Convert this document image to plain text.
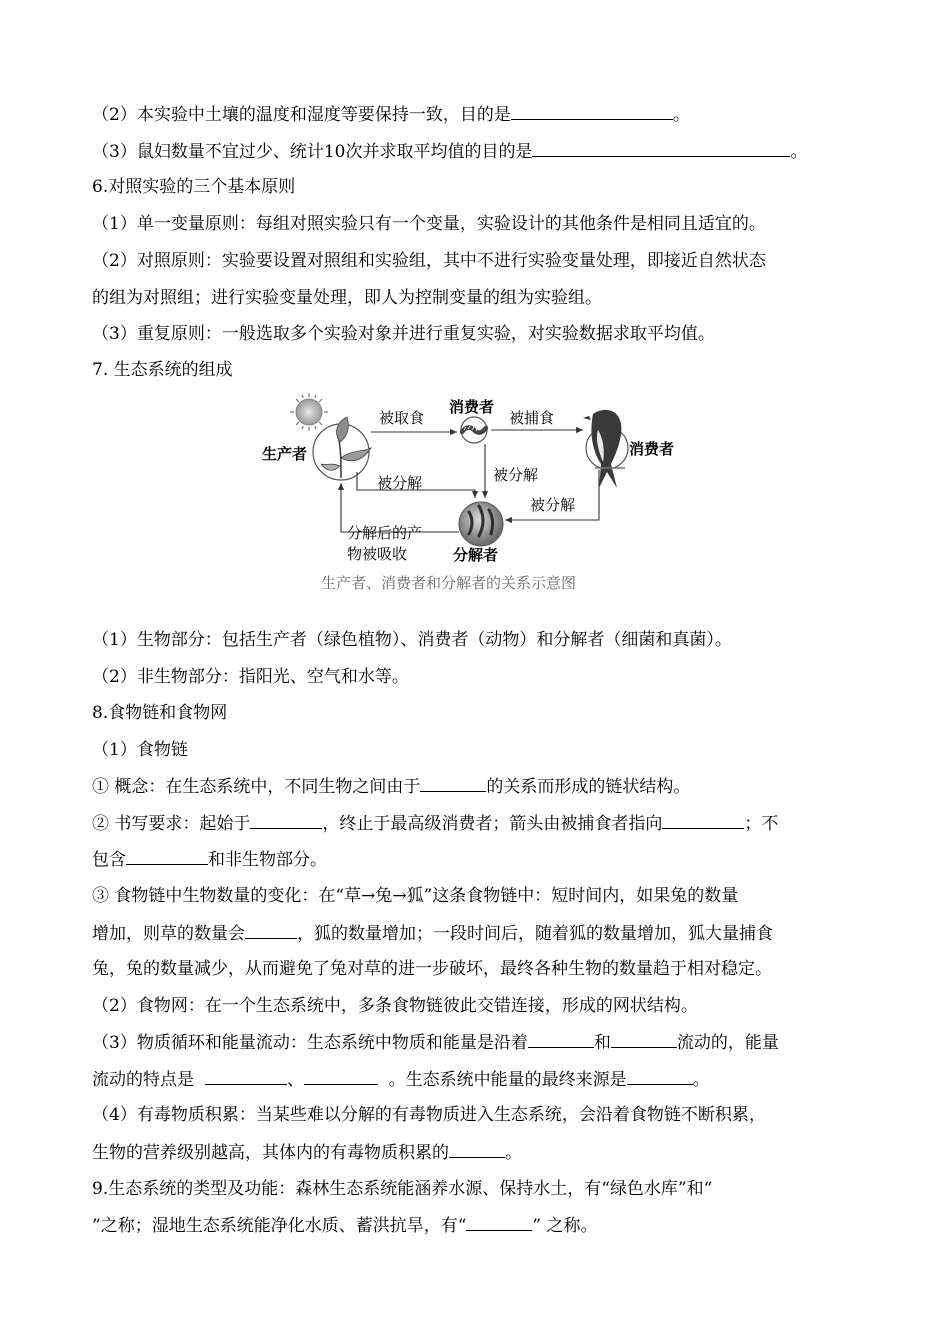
（2）本实验中土壤的温度和湿度等要保持一致，目的是	。
（3）鼠妇数量不宜过少、统计10次并求取平均值的目的是	。
6.对照实验的三个基本原则
（1）单一变量原则：每组对照实验只有一个变量，实验设计的其他条件是相同且适宜的。
（2）对照原则：实验要设置对照组和实验组，其中不进行实验变量处理，即接近自然状态
的组为对照组；进行实验变量处理，即人为控制变量的组为实验组。
（3）重复原则：一般选取多个实验对象并进行重复实验，对实验数据求取平均值。
7. 生态系统的组成
生产者
消费者
消费者
分解者
被取食	被捕食
被分解
被分解
被分解
分解后的产
物被吸收
生产者、消费者和分解者的关系示意图
（1）生物部分：包括生产者（绿色植物）、消费者（动物）和分解者（细菌和真菌）。
（2）非生物部分：指阳光、空气和水等。
8.食物链和食物网
（1）食物链
① 概念：在生态系统中，不同生物之间由于	的关系而形成的链状结构。
② 书写要求：起始于	，终止于最高级消费者；箭头由被捕食者指向	；不
包含	和非生物部分。
③ 食物链中生物数量的变化：在“草→兔→狐”这条食物链中：短时间内，如果兔的数量
增加，则草的数量会	，狐的数量增加；一段时间后，随着狐的数量增加，狐大量捕食
兔，兔的数量减少，从而避免了兔对草的进一步破坏，最终各种生物的数量趋于相对稳定。
（2）食物网：在一个生态系统中，多条食物链彼此交错连接，形成的网状结构。
（3）物质循环和能量流动：生态系统中物质和能量是沿着	和	流动的，能量
流动的特点是	、	。生态系统中能量的最终来源是	。
（4）有毒物质积累：当某些难以分解的有毒物质进入生态系统，会沿着食物链不断积累，
生物的营养级别越高，其体内的有毒物质积累的	。
9.生态系统的类型及功能：森林生态系统能涵养水源、保持水土，有“绿色水库”和“
”之称；湿地生态系统能净化水质、蓄洪抗旱，有“	” 之称。
